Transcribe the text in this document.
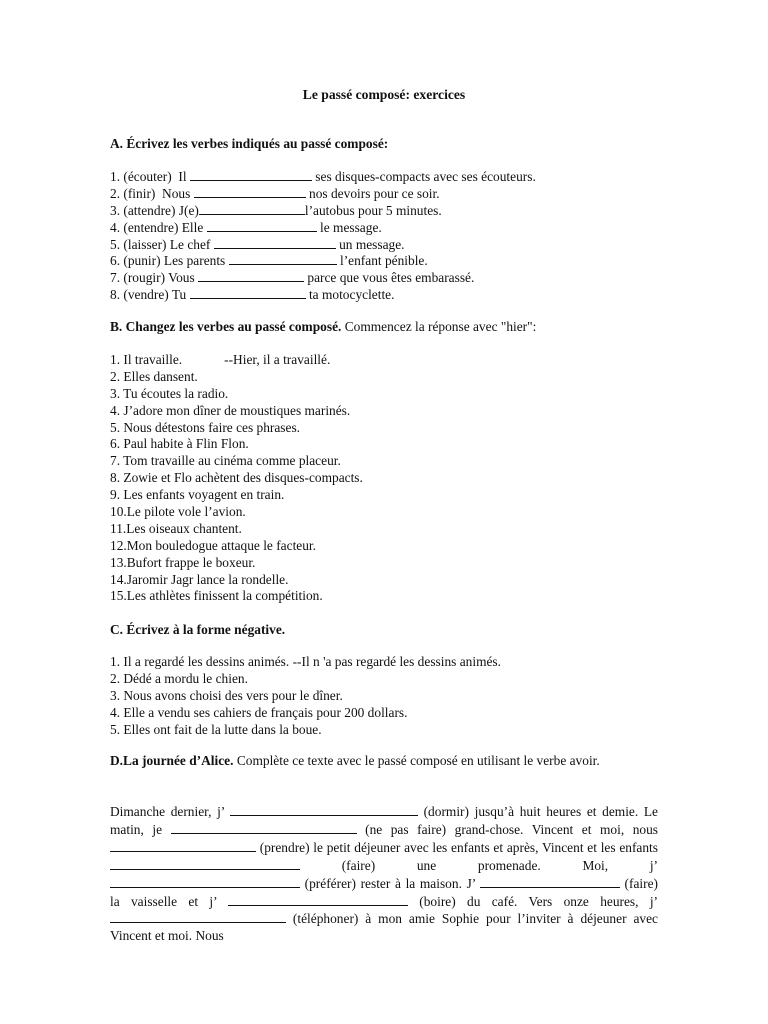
Le passé composé: exercices
A. Écrivez les verbes indiqués au passé composé:
1. (écouter)  Il	ses disques-compacts avec ses écouteurs.
2. (finir)  Nous	nos devoirs pour ce soir.
3. (attendre) J(e)	l’autobus pour 5 minutes.
4. (entendre) Elle	le message.
5. (laisser) Le chef	un message.
6. (punir) Les parents	l’enfant pénible.
7. (rougir) Vous	parce que vous êtes embarassé.
8. (vendre) Tu	ta motocyclette.
B. Changez les verbes au passé composé. Commencez la réponse avec "hier":
1. Il travaille.	--Hier, il a travaillé.
2. Elles dansent.
3. Tu écoutes la radio.
4. J’adore mon dîner de moustiques marinés.
5. Nous détestons faire ces phrases.
6. Paul habite à Flin Flon.
7. Tom travaille au cinéma comme placeur.
8. Zowie et Flo achètent des disques-compacts.
9. Les enfants voyagent en train.
10.Le pilote vole l’avion.
11.Les oiseaux chantent.
12.Mon bouledogue attaque le facteur.
13.Bufort frappe le boxeur.
14.Jaromir Jagr lance la rondelle.
15.Les athlètes finissent la compétition.
C. Écrivez à la forme négative.
1. Il a regardé les dessins animés. --Il n 'a pas regardé les dessins animés.
2. Dédé a mordu le chien.
3. Nous avons choisi des vers pour le dîner.
4. Elle a vendu ses cahiers de français pour 200 dollars.
5. Elles ont fait de la lutte dans la boue.
D.La journée d’Alice. Complète ce texte avec le passé composé en utilisant le verbe avoir.
Dimanche dernier, j’	(dormir) jusqu’à huit heures et demie. Le matin, je	(ne pas faire) grand-chose. Vincent et moi, nous  (prendre) le petit déjeuner avec les enfants et après, Vincent et les enfants  (faire) une promenade. Moi, j’  (préférer) rester à la maison. J’	(faire) la vaisselle et j’	(boire) du café. Vers onze heures, j’  (téléphoner) à mon amie Sophie pour l’inviter à déjeuner avec Vincent et moi. Nous
